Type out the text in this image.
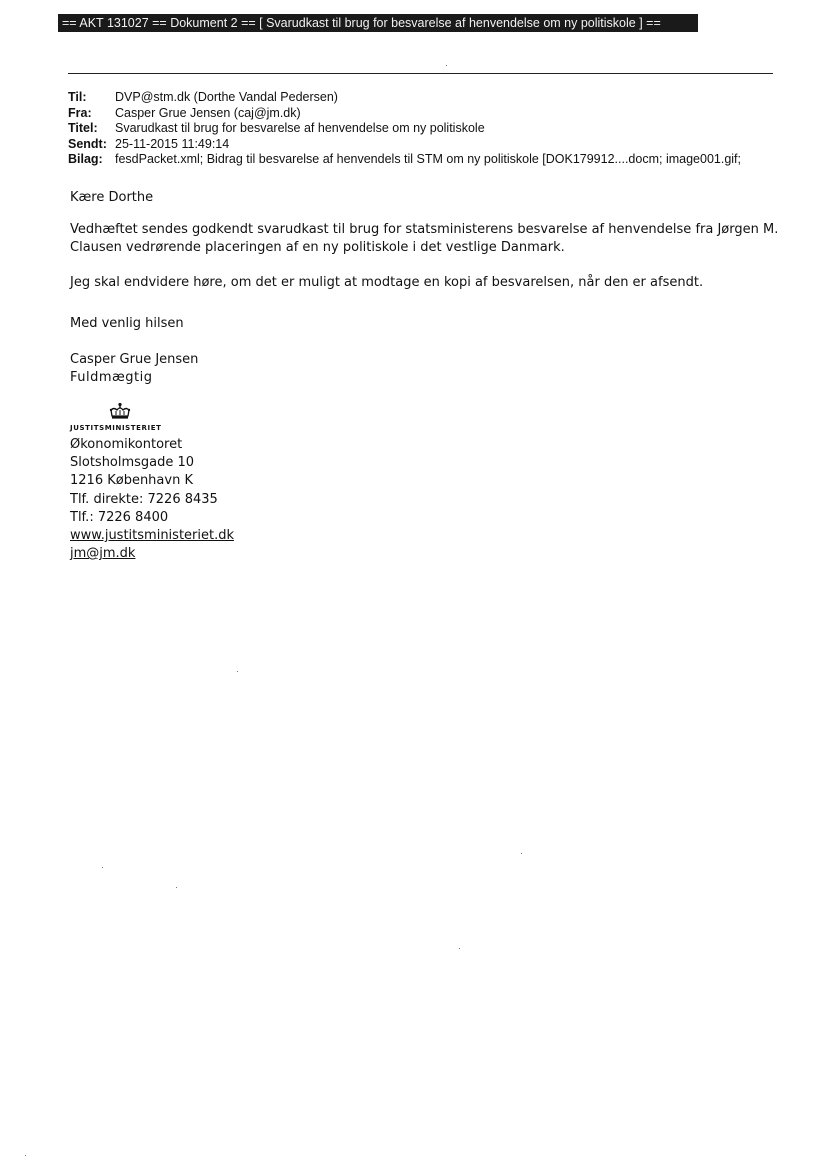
== AKT 131027 == Dokument 2 == [ Svarudkast til brug for besvarelse af henvendelse om ny politiskole ] ==
Til:	DVP@stm.dk (Dorthe Vandal Pedersen)
Fra:	Casper Grue Jensen (caj@jm.dk)
Titel:	Svarudkast til brug for besvarelse af henvendelse om ny politiskole
Sendt: 25-11-2015 11:49:14
Bilag: fesdPacket.xml; Bidrag til besvarelse af henvendels til STM om ny politiskole [DOK179912....docm; image001.gif;
Kære Dorthe
Vedhæftet sendes godkendt svarudkast til brug for statsministerens besvarelse af henvendelse fra Jørgen M.
Clausen vedrørende placeringen af en ny politiskole i det vestlige Danmark.
Jeg skal endvidere høre, om det er muligt at modtage en kopi af besvarelsen, når den er afsendt.
Med venlig hilsen
Casper Grue Jensen
Fuldmægtig
JUSTITSMINISTERIET
Økonomikontoret
Slotsholmsgade 10
1216 København K
Tlf. direkte: 7226 8435
Tlf.: 7226 8400
www.justitsministeriet.dk
jm@jm.dk
